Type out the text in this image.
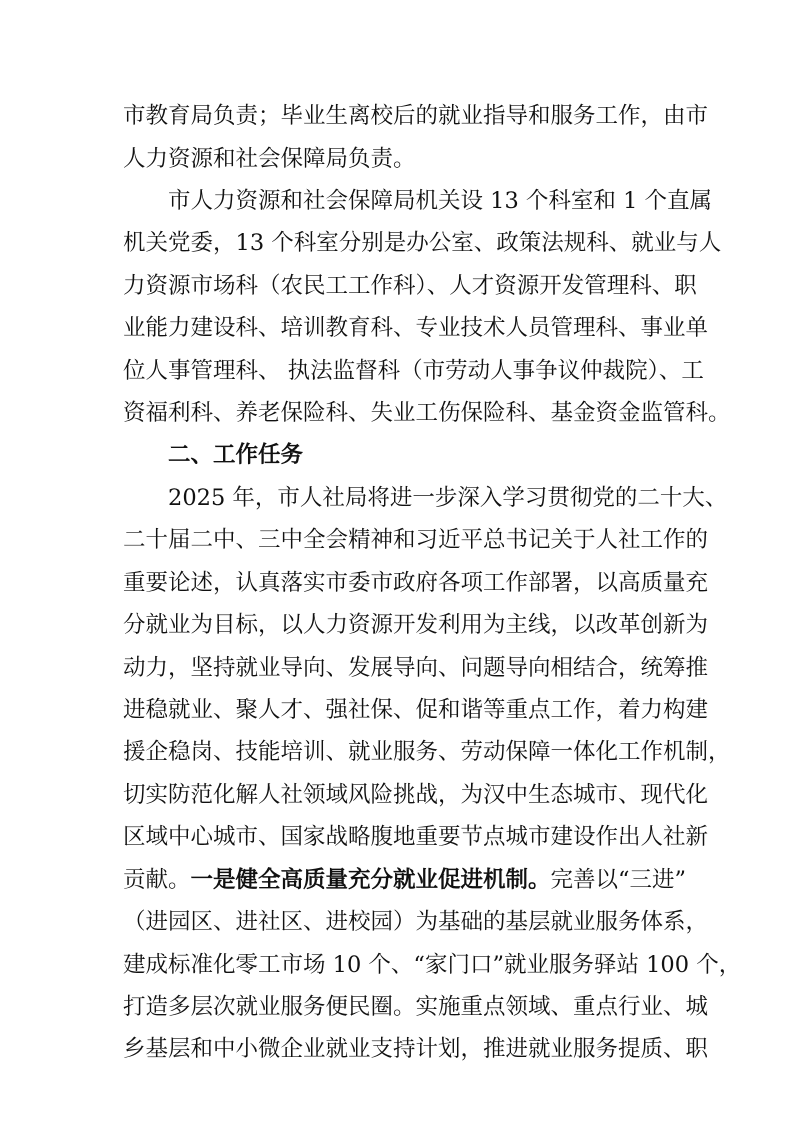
市教育局负责；毕业生离校后的就业指导和服务工作，由市
人力资源和社会保障局负责。
市人力资源和社会保障局机关设 13 个科室和 1 个直属
机关党委，13 个科室分别是办公室、政策法规科、就业与人
力资源市场科（农民工工作科）、人才资源开发管理科、职
业能力建设科、培训教育科、专业技术人员管理科、事业单
位人事管理科、 执法监督科（市劳动人事争议仲裁院）、工
资福利科、养老保险科、失业工伤保险科、基金资金监管科。
二、工作任务
2025 年，市人社局将进一步深入学习贯彻党的二十大、
二十届二中、三中全会精神和习近平总书记关于人社工作的
重要论述，认真落实市委市政府各项工作部署，以高质量充
分就业为目标，以人力资源开发利用为主线，以改革创新为
动力，坚持就业导向、发展导向、问题导向相结合，统筹推
进稳就业、聚人才、强社保、促和谐等重点工作，着力构建
援企稳岗、技能培训、就业服务、劳动保障一体化工作机制，
切实防范化解人社领域风险挑战，为汉中生态城市、现代化
区域中心城市、国家战略腹地重要节点城市建设作出人社新
贡献。一是健全高质量充分就业促进机制。完善以“三进”
（进园区、进社区、进校园）为基础的基层就业服务体系，
建成标准化零工市场 10 个、“家门口”就业服务驿站 100 个，
打造多层次就业服务便民圈。实施重点领域、重点行业、城
乡基层和中小微企业就业支持计划，推进就业服务提质、职
